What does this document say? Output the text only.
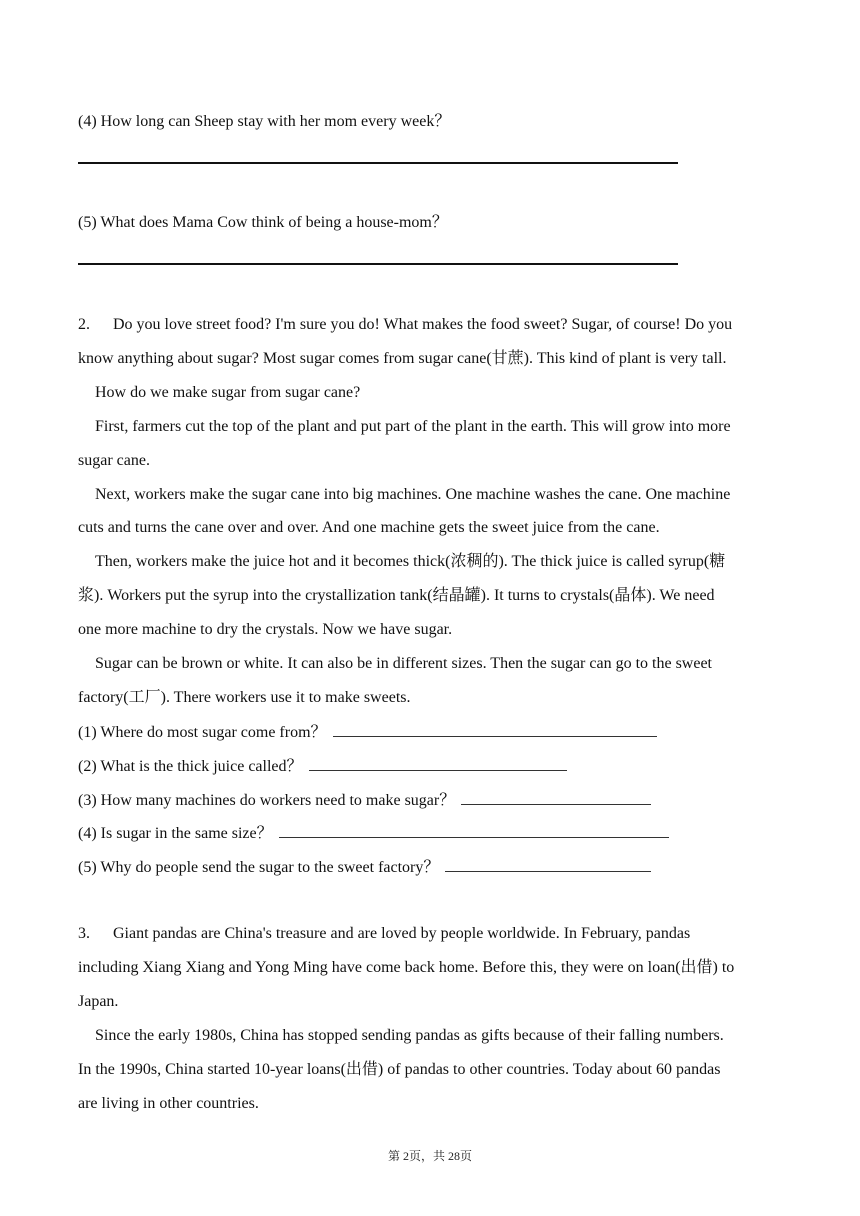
(4) How long can Sheep stay with her mom every week？
(5) What does Mama Cow think of being a house-mom？
2. Do you love street food? I'm sure you do! What makes the food sweet? Sugar, of course! Do you
know anything about sugar? Most sugar comes from sugar cane(甘蔗). This kind of plant is very tall.
How do we make sugar from sugar cane?
First, farmers cut the top of the plant and put part of the plant in the earth. This will grow into more
sugar cane.
Next, workers make the sugar cane into big machines. One machine washes the cane. One machine
cuts and turns the cane over and over. And one machine gets the sweet juice from the cane.
Then, workers make the juice hot and it becomes thick(浓稠的). The thick juice is called syrup(糖
浆). Workers put the syrup into the crystallization tank(结晶罐). It turns to crystals(晶体). We need
one more machine to dry the crystals. Now we have sugar.
Sugar can be brown or white. It can also be in different sizes. Then the sugar can go to the sweet
factory(工厂). There workers use it to make sweets.
(1) Where do most sugar come from？
(2) What is the thick juice called？
(3) How many machines do workers need to make sugar？
(4) Is sugar in the same size？
(5) Why do people send the sugar to the sweet factory？
3. Giant pandas are China's treasure and are loved by people worldwide. In February, pandas
including Xiang Xiang and Yong Ming have come back home. Before this, they were on loan(出借) to
Japan.
Since the early 1980s, China has stopped sending pandas as gifts because of their falling numbers.
In the 1990s, China started 10-year loans(出借) of pandas to other countries. Today about 60 pandas
are living in other countries.
第 2页，共 28页
